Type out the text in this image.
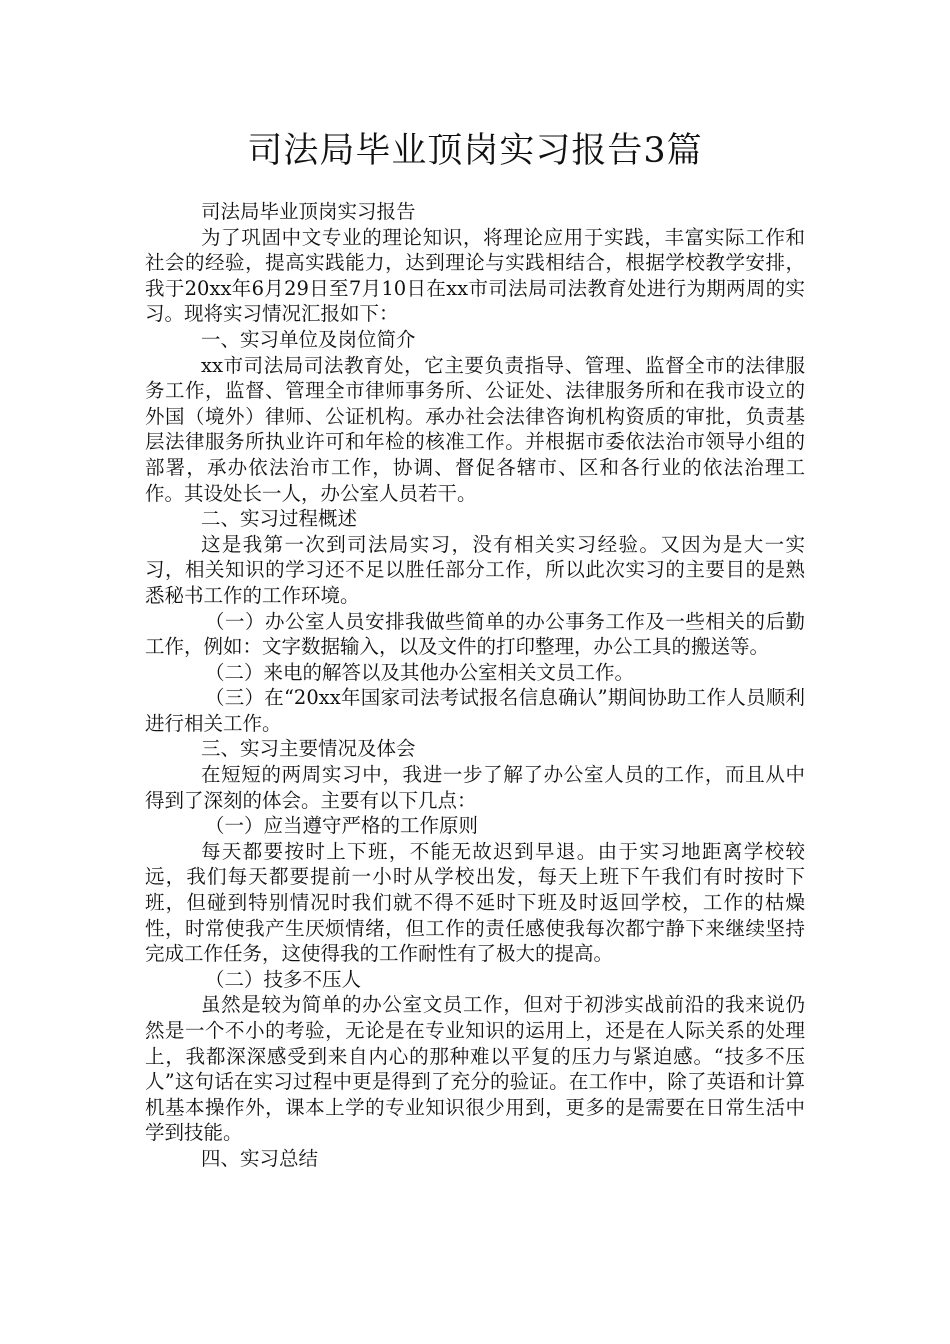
司法局毕业顶岗实习报告3篇

司法局毕业顶岗实习报告

为了巩固中文专业的理论知识，将理论应用于实践，丰富实际工作和社会的经验，提高实践能力，达到理论与实践相结合，根据学校教学安排，我于20xx年6月29日至7月10日在xx市司法局司法教育处进行为期两周的实习。现将实习情况汇报如下：

一、实习单位及岗位简介

xx市司法局司法教育处，它主要负责指导、管理、监督全市的法律服务工作，监督、管理全市律师事务所、公证处、法律服务所和在我市设立的外国（境外）律师、公证机构。承办社会法律咨询机构资质的审批，负责基层法律服务所执业许可和年检的核准工作。并根据市委依法治市领导小组的部署，承办依法治市工作，协调、督促各辖市、区和各行业的依法治理工作。其设处长一人，办公室人员若干。

二、实习过程概述

这是我第一次到司法局实习，没有相关实习经验。又因为是大一实习，相关知识的学习还不足以胜任部分工作，所以此次实习的主要目的是熟悉秘书工作的工作环境。

（一）办公室人员安排我做些简单的办公事务工作及一些相关的后勤工作，例如：文字数据输入，以及文件的打印整理，办公工具的搬送等。

（二）来电的解答以及其他办公室相关文员工作。

（三）在“20xx年国家司法考试报名信息确认”期间协助工作人员顺利进行相关工作。

三、实习主要情况及体会

在短短的两周实习中，我进一步了解了办公室人员的工作，而且从中得到了深刻的体会。主要有以下几点：

（一）应当遵守严格的工作原则

每天都要按时上下班，不能无故迟到早退。由于实习地距离学校较远，我们每天都要提前一小时从学校出发，每天上班下午我们有时按时下班，但碰到特别情况时我们就不得不延时下班及时返回学校，工作的枯燥性，时常使我产生厌烦情绪，但工作的责任感使我每次都宁静下来继续坚持完成工作任务，这使得我的工作耐性有了极大的提高。

（二）技多不压人

虽然是较为简单的办公室文员工作，但对于初涉实战前沿的我来说仍然是一个不小的考验，无论是在专业知识的运用上，还是在人际关系的处理上，我都深深感受到来自内心的那种难以平复的压力与紧迫感。“技多不压人”这句话在实习过程中更是得到了充分的验证。在工作中，除了英语和计算机基本操作外，课本上学的专业知识很少用到，更多的是需要在日常生活中学到技能。

四、实习总结
